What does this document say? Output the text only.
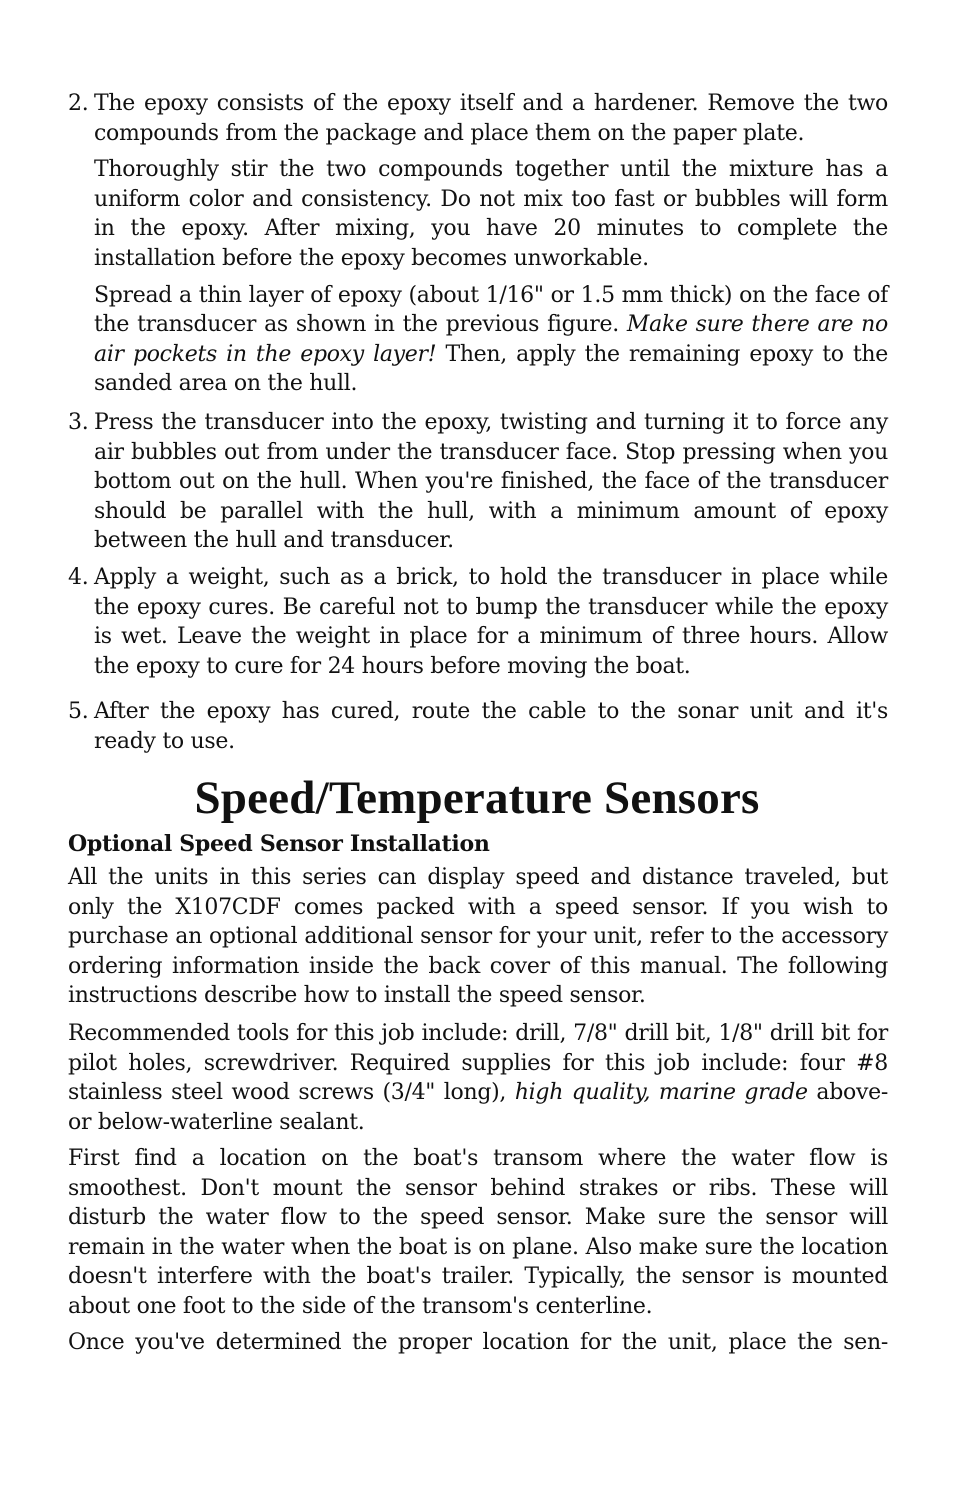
2. The epoxy consists of the epoxy itself and a hardener. Remove the two compounds from the package and place them on the paper plate.

Thoroughly stir the two compounds together until the mixture has a uniform color and consistency. Do not mix too fast or bubbles will form in the epoxy. After mixing, you have 20 minutes to complete the installation before the epoxy becomes unworkable.

Spread a thin layer of epoxy (about 1/16" or 1.5 mm thick) on the face of the transducer as shown in the previous figure. Make sure there are no air pockets in the epoxy layer! Then, apply the remaining epoxy to the sanded area on the hull.

3. Press the transducer into the epoxy, twisting and turning it to force any air bubbles out from under the transducer face. Stop pressing when you bottom out on the hull. When you're finished, the face of the transducer should be parallel with the hull, with a minimum amount of epoxy between the hull and transducer.

4. Apply a weight, such as a brick, to hold the transducer in place while the epoxy cures. Be careful not to bump the transducer while the epoxy is wet. Leave the weight in place for a minimum of three hours. Allow the epoxy to cure for 24 hours before moving the boat.

5. After the epoxy has cured, route the cable to the sonar unit and it's ready to use.

Speed/Temperature Sensors
Optional Speed Sensor Installation

All the units in this series can display speed and distance traveled, but only the X107CDF comes packed with a speed sensor. If you wish to purchase an optional additional sensor for your unit, refer to the accessory ordering information inside the back cover of this manual. The following instructions describe how to install the speed sensor.

Recommended tools for this job include: drill, 7/8" drill bit, 1/8" drill bit for pilot holes, screwdriver. Required supplies for this job include: four #8 stainless steel wood screws (3/4" long), high quality, marine grade above- or below-waterline sealant.

First find a location on the boat's transom where the water flow is smoothest. Don't mount the sensor behind strakes or ribs. These will disturb the water flow to the speed sensor. Make sure the sensor will remain in the water when the boat is on plane. Also make sure the location doesn't interfere with the boat's trailer. Typically, the sensor is mounted about one foot to the side of the transom's centerline.

Once you've determined the proper location for the unit, place the sen-
